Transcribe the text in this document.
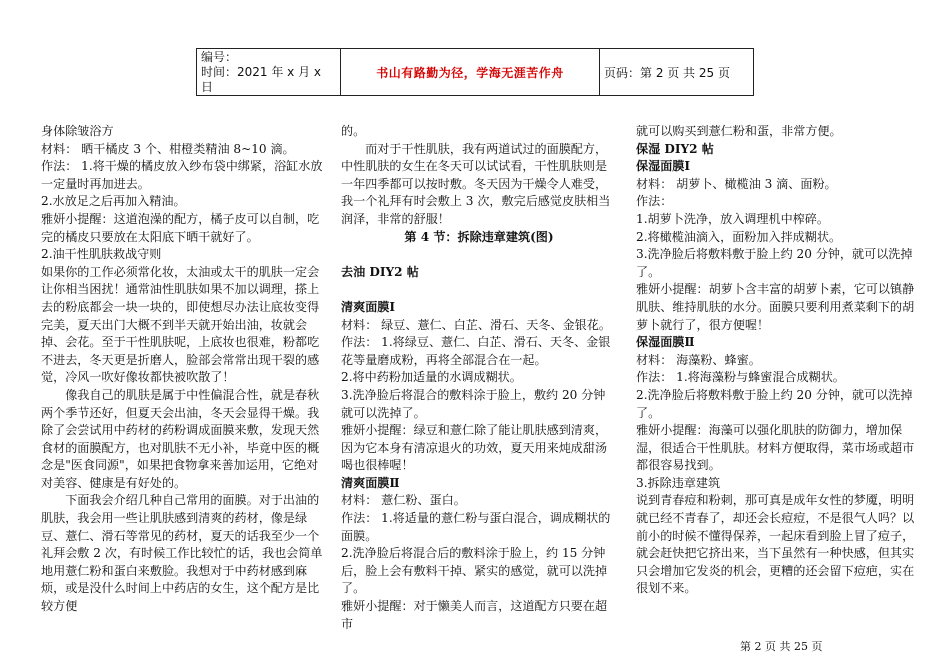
编号：
时间：2021 年 x 月 x 日
	书山有路勤为径，学海无涯苦作舟	页码：第 2 页 共 25 页

身体除皱浴方

材料： 晒干橘皮 3 个、柑橙类精油 8~10 滴。

作法： 1.将干燥的橘皮放入纱布袋中绑紧，浴缸水放一定量时再加进去。

2.水放足之后再加入精油。

雅妍小提醒：这道泡澡的配方，橘子皮可以自制，吃完的橘皮只要放在太阳底下晒干就好了。

2.油干性肌肤救战守则

如果你的工作必须常化妆，太油或太干的肌肤一定会让你相当困扰！通常油性肌肤如果不加以调理，搽上去的粉底都会一块一块的，即使想尽办法让底妆变得完美，夏天出门大概不到半天就开始出油，妆就会掉、会花。至于干性肌肤呢，上底妆也很难，粉都吃不进去，冬天更是折磨人，脸部会常常出现干裂的感觉，冷风一吹好像妆都快被吹散了！

像我自己的肌肤是属于中性偏混合性，就是春秋两个季节还好，但夏天会出油，冬天会显得干燥。我除了会尝试用中药材的药粉调成面膜来敷，发现天然食材的面膜配方，也对肌肤不无小补，毕竟中医的概念是"医食同源"，如果把食物拿来善加运用，它绝对对美容、健康是有好处的。

下面我会介绍几种自己常用的面膜。对于出油的肌肤，我会用一些让肌肤感到清爽的药材，像是绿豆、薏仁、滑石等常见的药材，夏天的话我至少一个礼拜会敷 2 次，有时候工作比较忙的话，我也会简单地用薏仁粉和蛋白来敷脸。我想对于中药材感到麻烦，或是没什么时间上中药店的女生，这个配方是比较方便

的。

而对于干性肌肤，我有两道试过的面膜配方，中性肌肤的女生在冬天可以试试看，干性肌肤则是一年四季都可以按时敷。冬天因为干燥令人难受，我一个礼拜有时会敷上 3 次，敷完后感觉皮肤相当润泽，非常的舒服！

第 4 节：拆除违章建筑(图)

去油 DIY2 帖

清爽面膜Ⅰ

材料： 绿豆、薏仁、白芷、滑石、天冬、金银花。

作法： 1.将绿豆、薏仁、白芷、滑石、天冬、金银花等量磨成粉，再将全部混合在一起。

2.将中药粉加适量的水调成糊状。

3.洗净脸后将混合的敷料涂于脸上，敷约 20 分钟就可以洗掉了。

雅妍小提醒：绿豆和薏仁除了能让肌肤感到清爽，因为它本身有清凉退火的功效，夏天用来炖成甜汤喝也很棒喔！

清爽面膜Ⅱ

材料： 薏仁粉、蛋白。

作法： 1.将适量的薏仁粉与蛋白混合，调成糊状的面膜。

2.洗净脸后将混合后的敷料涂于脸上，约 15 分钟后，脸上会有敷料干掉、紧实的感觉，就可以洗掉了。

雅妍小提醒：对于懒美人而言，这道配方只要在超市

就可以购买到薏仁粉和蛋，非常方便。

保湿 DIY2 帖

保湿面膜Ⅰ

材料： 胡萝卜、橄榄油 3 滴、面粉。

作法：

1.胡萝卜洗净，放入调理机中榨碎。

2.将橄榄油滴入，面粉加入拌成糊状。

3.洗净脸后将敷料敷于脸上约 20 分钟，就可以洗掉了。

雅妍小提醒：胡萝卜含丰富的胡萝卜素，它可以镇静肌肤、维持肌肤的水分。面膜只要利用煮菜剩下的胡萝卜就行了，很方便喔！

保湿面膜Ⅱ

材料： 海藻粉、蜂蜜。

作法： 1.将海藻粉与蜂蜜混合成糊状。

2.洗净脸后将敷料敷于脸上约 20 分钟，就可以洗掉了。

雅妍小提醒：海藻可以强化肌肤的防御力，增加保湿，很适合干性肌肤。材料方便取得，菜市场或超市都很容易找到。

3.拆除违章建筑

说到青春痘和粉刺，那可真是成年女性的梦魇，明明就已经不青春了，却还会长痘痘，不是很气人吗？以前小的时候不懂得保养，一起床看到脸上冒了痘子，就会赶快把它挤出来，当下虽然有一种快感，但其实只会增加它发炎的机会，更糟的还会留下痘疤，实在很划不来。

第 2 页 共 25 页
